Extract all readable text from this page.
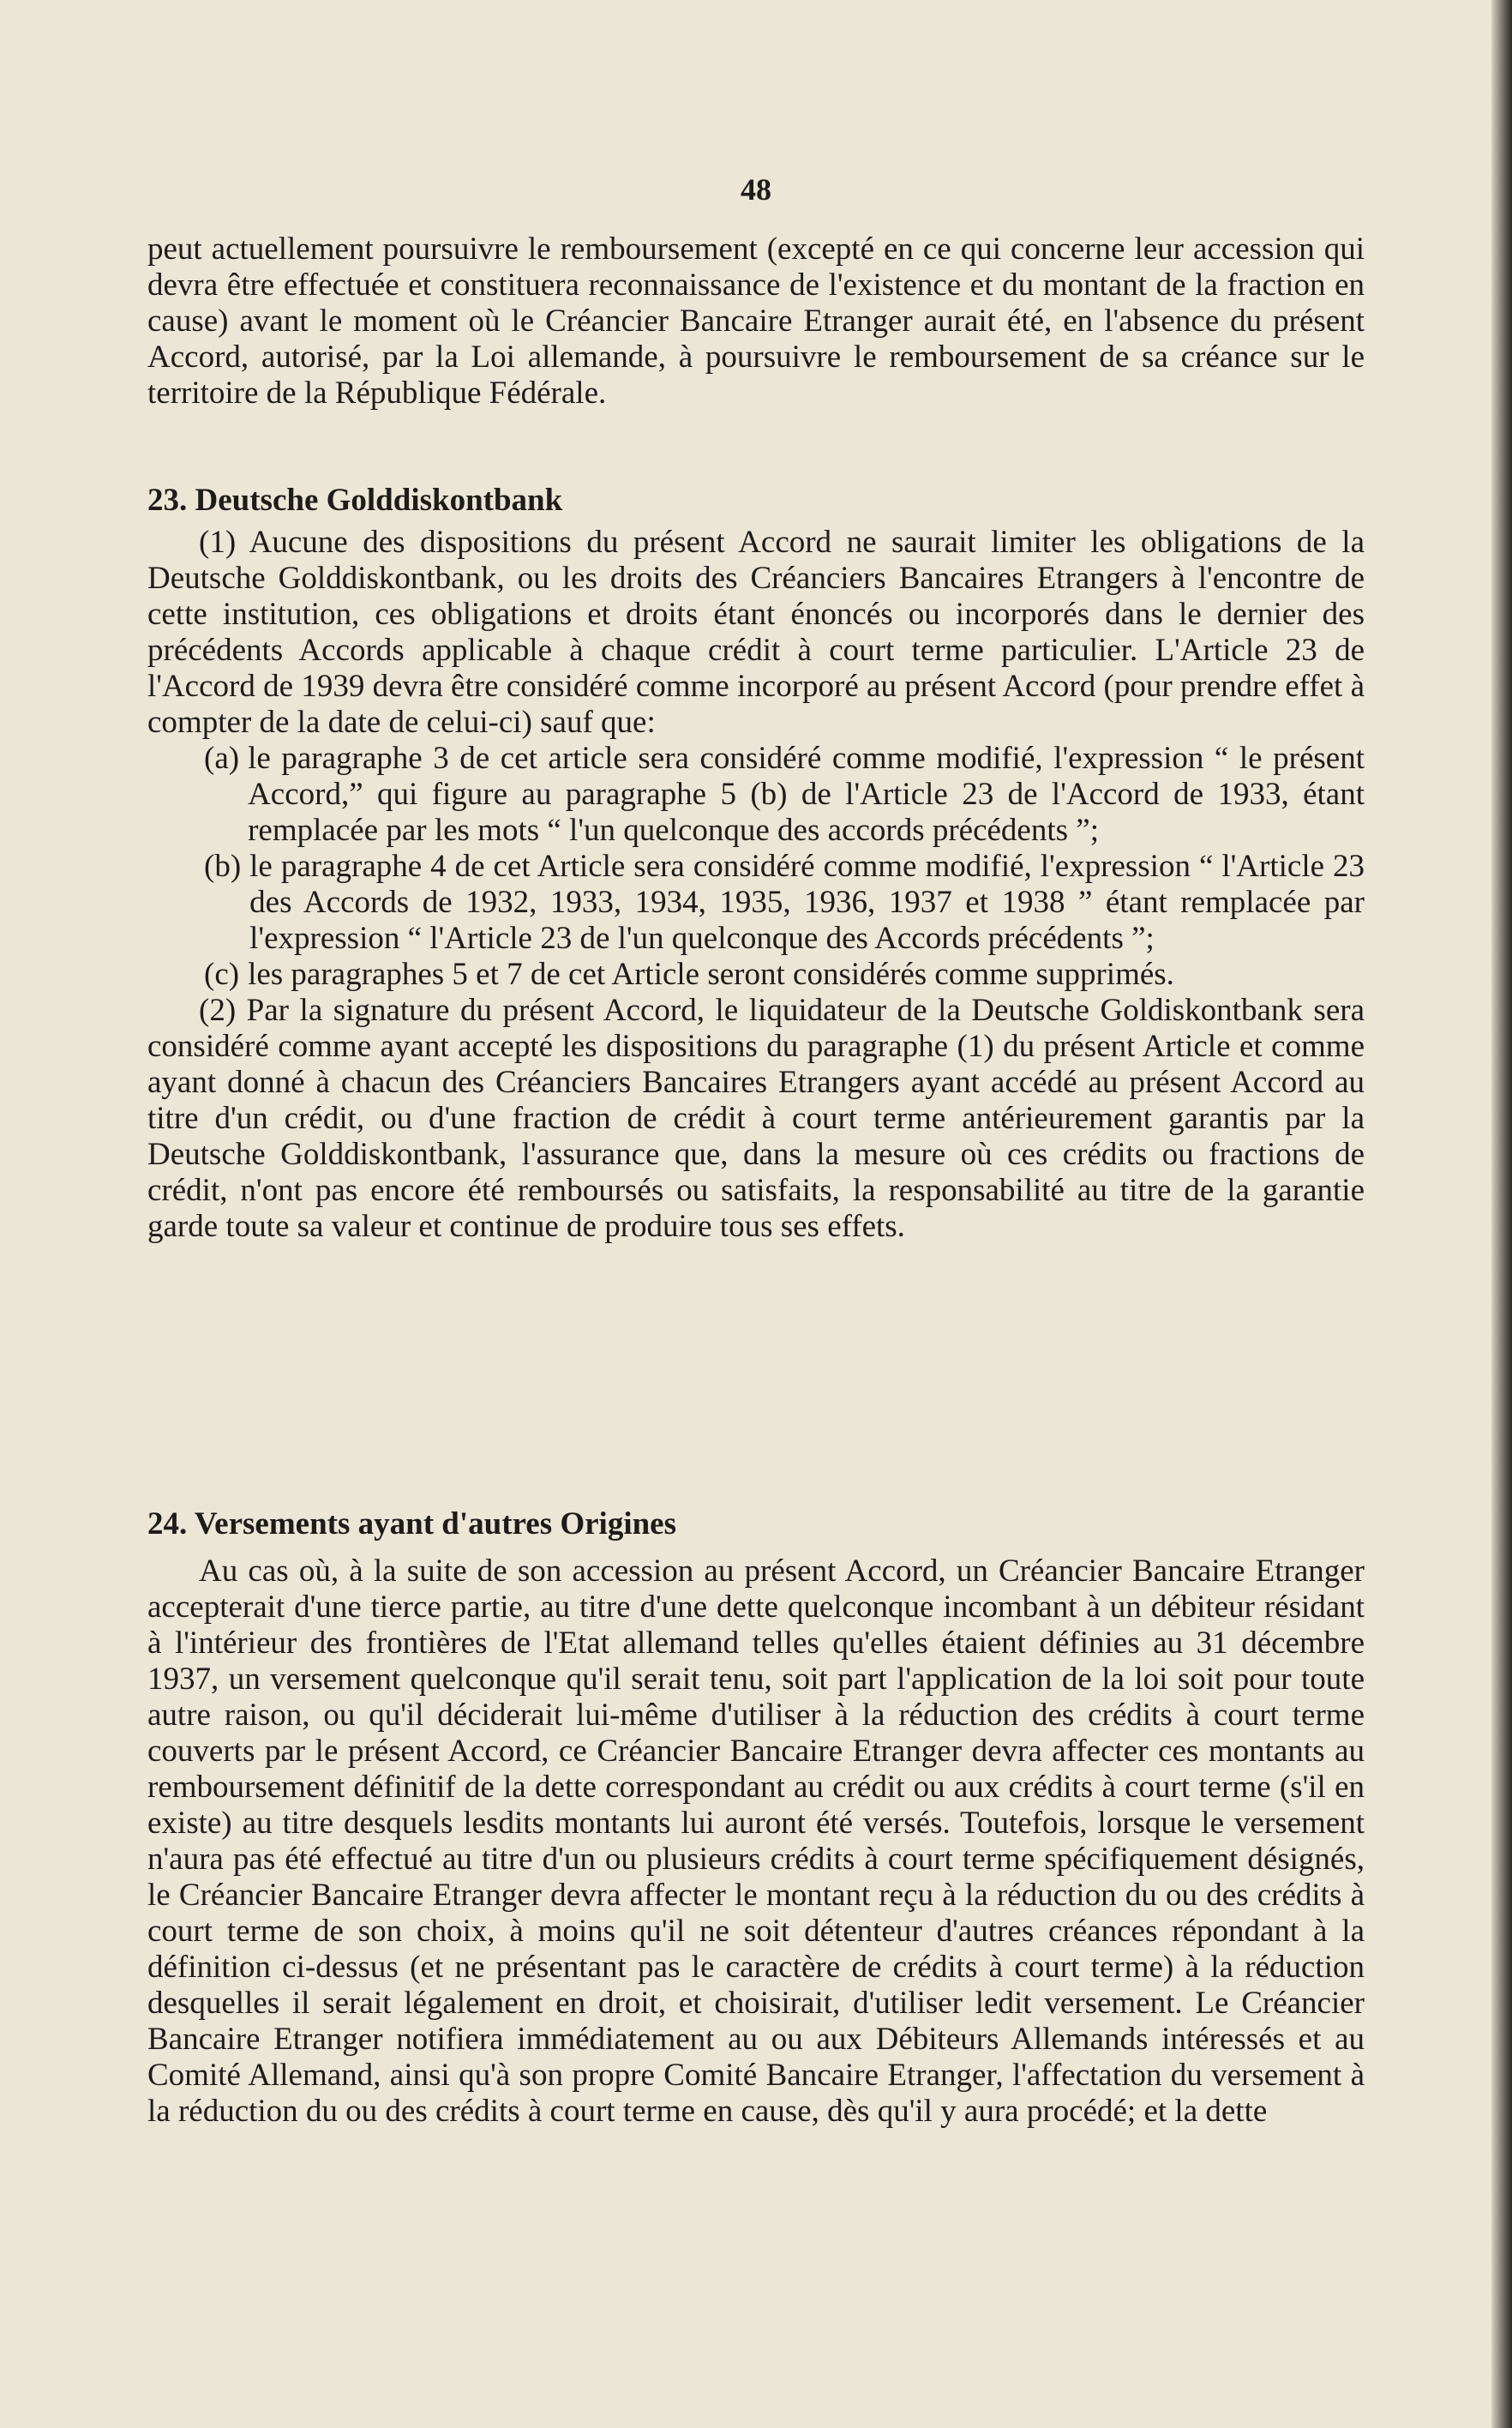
48

peut actuellement poursuivre le remboursement (excepté en ce qui concerne leur accession qui devra être effectuée et constituera reconnaissance de l'existence et du montant de la fraction en cause) avant le moment où le Créancier Bancaire Etranger aurait été, en l'absence du présent Accord, autorisé, par la Loi allemande, à poursuivre le remboursement de sa créance sur le territoire de la République Fédérale.

23. Deutsche Golddiskontbank

(1) Aucune des dispositions du présent Accord ne saurait limiter les obligations de la Deutsche Golddiskontbank, ou les droits des Créanciers Bancaires Etrangers à l'encontre de cette institution, ces obligations et droits étant énoncés ou incorporés dans le dernier des précédents Accords applicable à chaque crédit à court terme particulier. L'Article 23 de l'Accord de 1939 devra être considéré comme incorporé au présent Accord (pour prendre effet à compter de la date de celui-ci) sauf que:

(a) le paragraphe 3 de cet article sera considéré comme modifié, l'expression “ le présent Accord,” qui figure au paragraphe 5 (b) de l'Article 23 de l'Accord de 1933, étant remplacée par les mots “ l'un quelconque des accords précédents ”;
(b) le paragraphe 4 de cet Article sera considéré comme modifié, l'expression “ l'Article 23 des Accords de 1932, 1933, 1934, 1935, 1936, 1937 et 1938 ” étant remplacée par l'expression “ l'Article 23 de l'un quelconque des Accords précédents ”;
(c) les paragraphes 5 et 7 de cet Article seront considérés comme supprimés.

(2) Par la signature du présent Accord, le liquidateur de la Deutsche Goldiskontbank sera considéré comme ayant accepté les dispositions du paragraphe (1) du présent Article et comme ayant donné à chacun des Créanciers Bancaires Etrangers ayant accédé au présent Accord au titre d'un crédit, ou d'une fraction de crédit à court terme antérieurement garantis par la Deutsche Golddiskontbank, l'assurance que, dans la mesure où ces crédits ou fractions de crédit, n'ont pas encore été remboursés ou satisfaits, la responsabilité au titre de la garantie garde toute sa valeur et continue de produire tous ses effets.

24. Versements ayant d'autres Origines

Au cas où, à la suite de son accession au présent Accord, un Créancier Bancaire Etranger accepterait d'une tierce partie, au titre d'une dette quelconque incombant à un débiteur résidant à l'intérieur des frontières de l'Etat allemand telles qu'elles étaient définies au 31 décembre 1937, un versement quelconque qu'il serait tenu, soit part l'application de la loi soit pour toute autre raison, ou qu'il déciderait lui-même d'utiliser à la réduction des crédits à court terme couverts par le présent Accord, ce Créancier Bancaire Etranger devra affecter ces montants au remboursement définitif de la dette correspondant au crédit ou aux crédits à court terme (s'il en existe) au titre desquels lesdits montants lui auront été versés. Toutefois, lorsque le versement n'aura pas été effectué au titre d'un ou plusieurs crédits à court terme spécifiquement désignés, le Créancier Bancaire Etranger devra affecter le montant reçu à la réduction du ou des crédits à court terme de son choix, à moins qu'il ne soit détenteur d'autres créances répondant à la définition ci-dessus (et ne présentant pas le caractère de crédits à court terme) à la réduction desquelles il serait légalement en droit, et choisirait, d'utiliser ledit versement. Le Créancier Bancaire Etranger notifiera immédiatement au ou aux Débiteurs Allemands intéressés et au Comité Allemand, ainsi qu'à son propre Comité Bancaire Etranger, l'affectation du versement à la réduction du ou des crédits à court terme en cause, dès qu'il y aura procédé; et la dette
